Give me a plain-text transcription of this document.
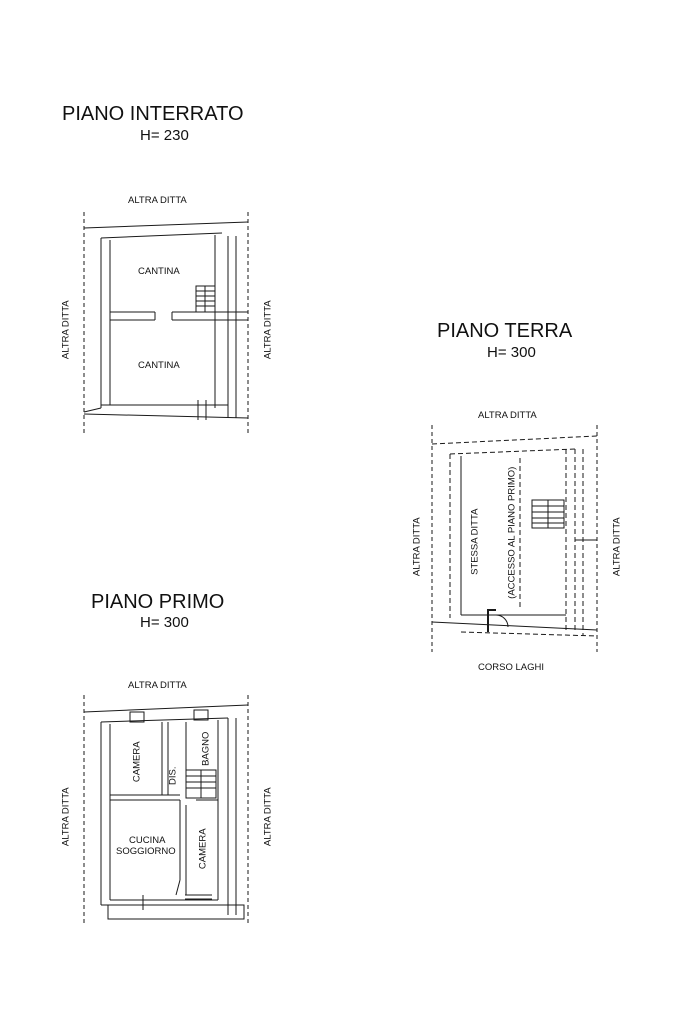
PIANO INTERRATO
H= 230
ALTRA DITTA
ALTRA DITTA	ALTRA DITTA
CANTINA
CANTINA
PIANO TERRA
H= 300
ALTRA DITTA
ALTRA DITTA	ALTRA DITTA
CORSO LAGHI
STESSA DITTA	(ACCESSO AL PIANO PRIMO)
PIANO PRIMO
H= 300
ALTRA DITTA
ALTRA DITTA	ALTRA DITTA
CAMERA	DIS.
BAGNO
CUCINA
SOGGIORNO CAMERA
